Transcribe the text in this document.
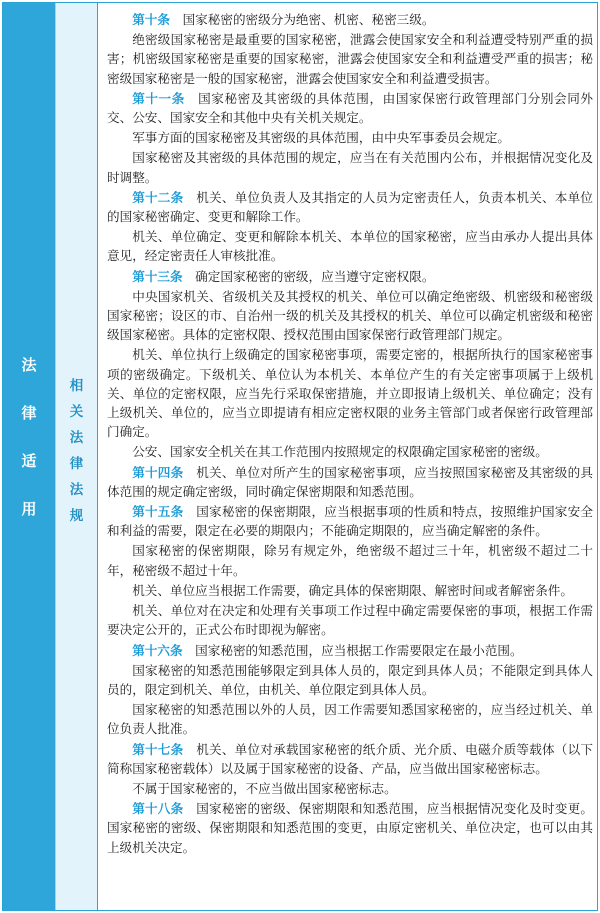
法
律
适
用
相
关
法
律
法
规

第十条　国家秘密的密级分为绝密、机密、秘密三级。

绝密级国家秘密是最重要的国家秘密，泄露会使国家安全和利益遭受特别严重的损害；机密级国家秘密是重要的国家秘密，泄露会使国家安全和利益遭受严重的损害；秘密级国家秘密是一般的国家秘密，泄露会使国家安全和利益遭受损害。

第十一条　国家秘密及其密级的具体范围，由国家保密行政管理部门分别会同外交、公安、国家安全和其他中央有关机关规定。

军事方面的国家秘密及其密级的具体范围，由中央军事委员会规定。

国家秘密及其密级的具体范围的规定，应当在有关范围内公布，并根据情况变化及时调整。

第十二条　机关、单位负责人及其指定的人员为定密责任人，负责本机关、本单位的国家秘密确定、变更和解除工作。

机关、单位确定、变更和解除本机关、本单位的国家秘密，应当由承办人提出具体意见，经定密责任人审核批准。

第十三条　确定国家秘密的密级，应当遵守定密权限。

中央国家机关、省级机关及其授权的机关、单位可以确定绝密级、机密级和秘密级国家秘密；设区的市、自治州一级的机关及其授权的机关、单位可以确定机密级和秘密级国家秘密。具体的定密权限、授权范围由国家保密行政管理部门规定。

机关、单位执行上级确定的国家秘密事项，需要定密的，根据所执行的国家秘密事项的密级确定。下级机关、单位认为本机关、本单位产生的有关定密事项属于上级机关、单位的定密权限，应当先行采取保密措施，并立即报请上级机关、单位确定；没有上级机关、单位的，应当立即提请有相应定密权限的业务主管部门或者保密行政管理部门确定。

公安、国家安全机关在其工作范围内按照规定的权限确定国家秘密的密级。

第十四条　机关、单位对所产生的国家秘密事项，应当按照国家秘密及其密级的具体范围的规定确定密级，同时确定保密期限和知悉范围。

第十五条　国家秘密的保密期限，应当根据事项的性质和特点，按照维护国家安全和利益的需要，限定在必要的期限内；不能确定期限的，应当确定解密的条件。

国家秘密的保密期限，除另有规定外，绝密级不超过三十年，机密级不超过二十年，秘密级不超过十年。

机关、单位应当根据工作需要，确定具体的保密期限、解密时间或者解密条件。

机关、单位对在决定和处理有关事项工作过程中确定需要保密的事项，根据工作需要决定公开的，正式公布时即视为解密。

第十六条　国家秘密的知悉范围，应当根据工作需要限定在最小范围。

国家秘密的知悉范围能够限定到具体人员的，限定到具体人员；不能限定到具体人员的，限定到机关、单位，由机关、单位限定到具体人员。

国家秘密的知悉范围以外的人员，因工作需要知悉国家秘密的，应当经过机关、单位负责人批准。

第十七条　机关、单位对承载国家秘密的纸介质、光介质、电磁介质等载体（以下简称国家秘密载体）以及属于国家秘密的设备、产品，应当做出国家秘密标志。

不属于国家秘密的，不应当做出国家秘密标志。

第十八条　国家秘密的密级、保密期限和知悉范围，应当根据情况变化及时变更。国家秘密的密级、保密期限和知悉范围的变更，由原定密机关、单位决定，也可以由其上级机关决定。
